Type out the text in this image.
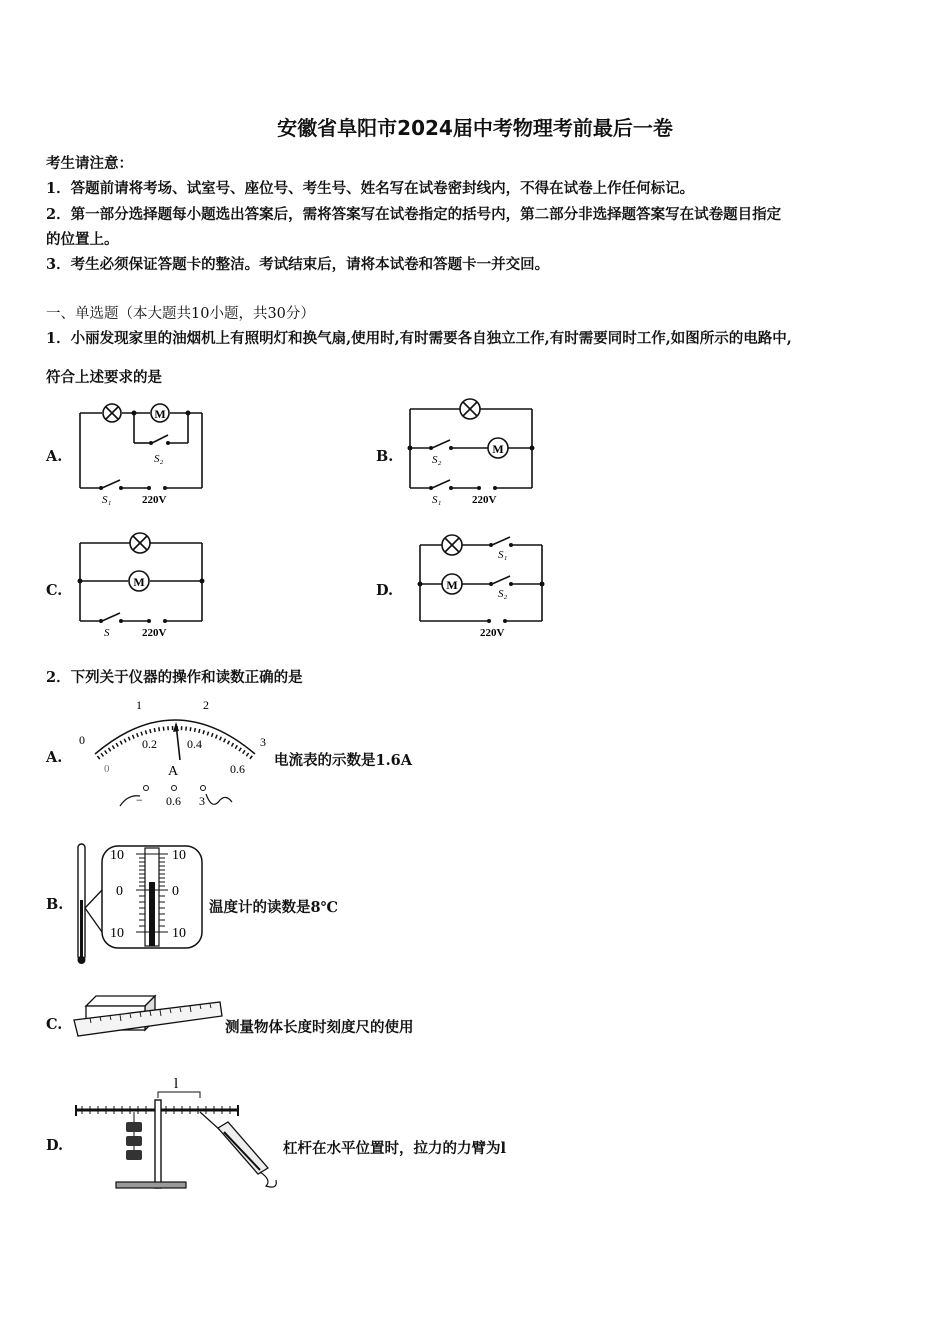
安徽省阜阳市2024届中考物理考前最后一卷
考生请注意：
1．答题前请将考场、试室号、座位号、考生号、姓名写在试卷密封线内，不得在试卷上作任何标记。
2．第一部分选择题每小题选出答案后，需将答案写在试卷指定的括号内，第二部分非选择题答案写在试卷题目指定
的位置上。
3．考生必须保证答题卡的整洁。考试结束后，请将本试卷和答题卡一并交回。
一、单选题（本大题共10小题，共30分）
1．小丽发现家里的油烟机上有照明灯和换气扇,使用时,有时需要各自独立工作,有时需要同时工作,如图所示的电路中,
符合上述要求的是
A.	B.
C.	D.
M
S₂
S₁	220V
M
S₂
S₁	220V
M
S	220V
M
S₁
S₂
220V
2．下列关于仪器的操作和读数正确的是
A.
B.
C.
D.
电流表的示数是1.6A
温度计的读数是8℃
测量物体长度时刻度尺的使用
杠杆在水平位置时，拉力的力臂为l
0
1	2
3
0
0.2	0.4
0.6
A
− 0.6 3
10
0
10
10
0
10
l
